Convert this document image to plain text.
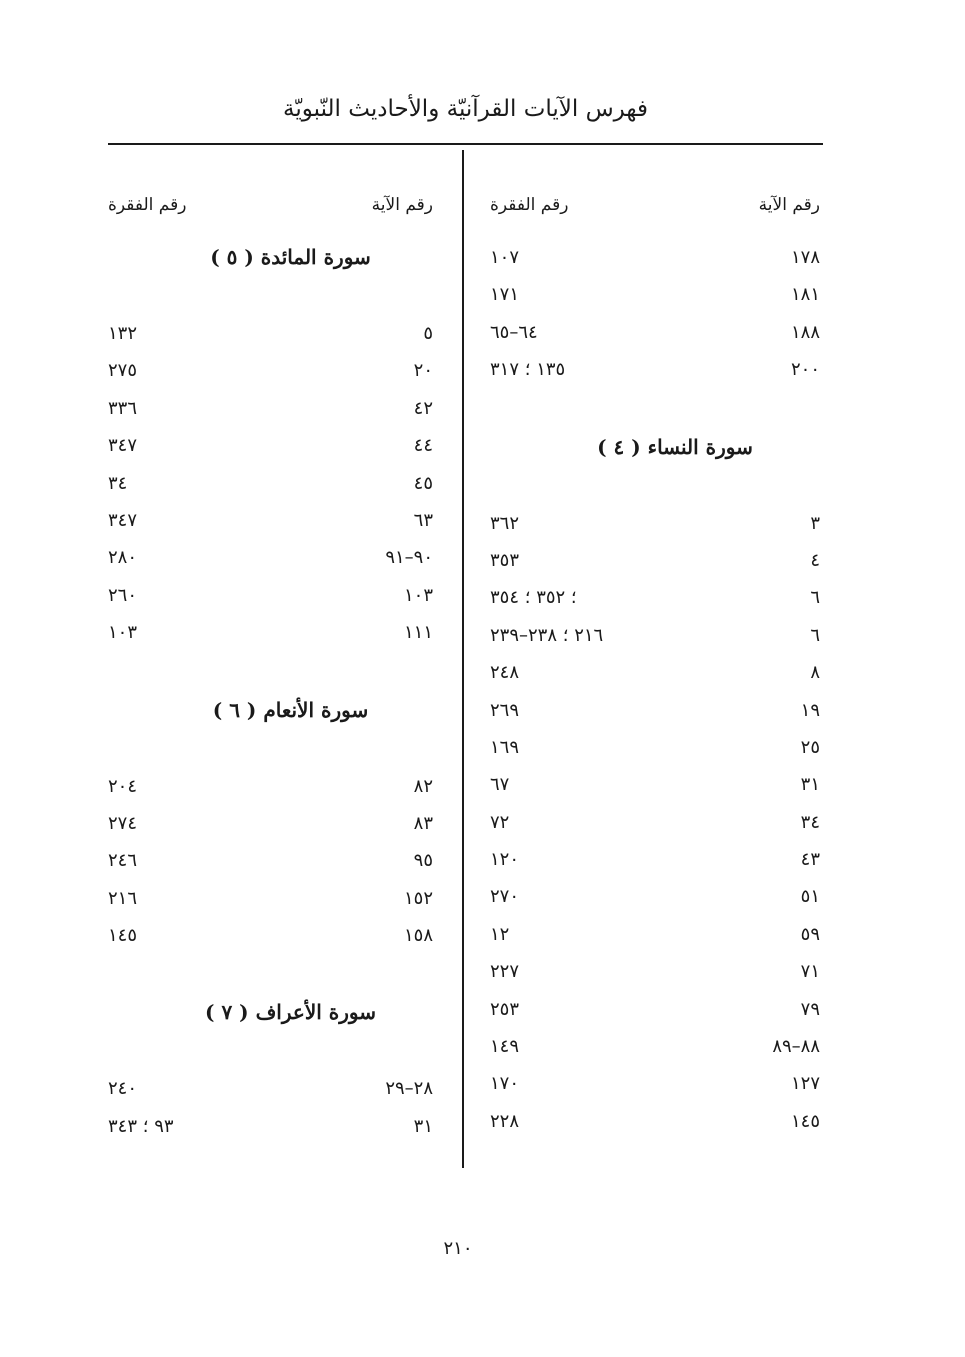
فهرس الآيات القرآنيّة والأحاديث النّبويّة
رقم الآية
رقم الفقرة
١٧٨
١٠٧
١٨١
١٧١
١٨٨
٦٤–٦٥
٢٠٠
١٣٥ ؛ ٣١٧
سورة النساء ( ٤ )
٣
٣٦٢
٤
٣٥٣
٦
؛ ٣٥٢ ؛ ٣٥٤
٦
٢١٦ ؛ ٢٣٨–٢٣٩
٨
٢٤٨
١٩
٢٦٩
٢٥
١٦٩
٣١
٦٧
٣٤
٧٢
٤٣
١٢٠
٥١
٢٧٠
٥٩
١٢
٧١
٢٢٧
٧٩
٢٥٣
٨٨–٨٩
١٤٩
١٢٧
١٧٠
١٤٥
٢٢٨
رقم الآية
رقم الفقرة
سورة المائدة ( ٥ )
٥
١٣٢
٢٠
٢٧٥
٤٢
٣٣٦
٤٤
٣٤٧
٤٥
٣٤
٦٣
٣٤٧
٩٠–٩١
٢٨٠
١٠٣
٢٦٠
١١١
١٠٣
سورة الأنعام ( ٦ )
٨٢
٢٠٤
٨٣
٢٧٤
٩٥
٢٤٦
١٥٢
٢١٦
١٥٨
١٤٥
سورة الأعراف ( ٧ )
٢٨–٢٩
٢٤٠
٣١
٩٣ ؛ ٣٤٣
٢١٠
